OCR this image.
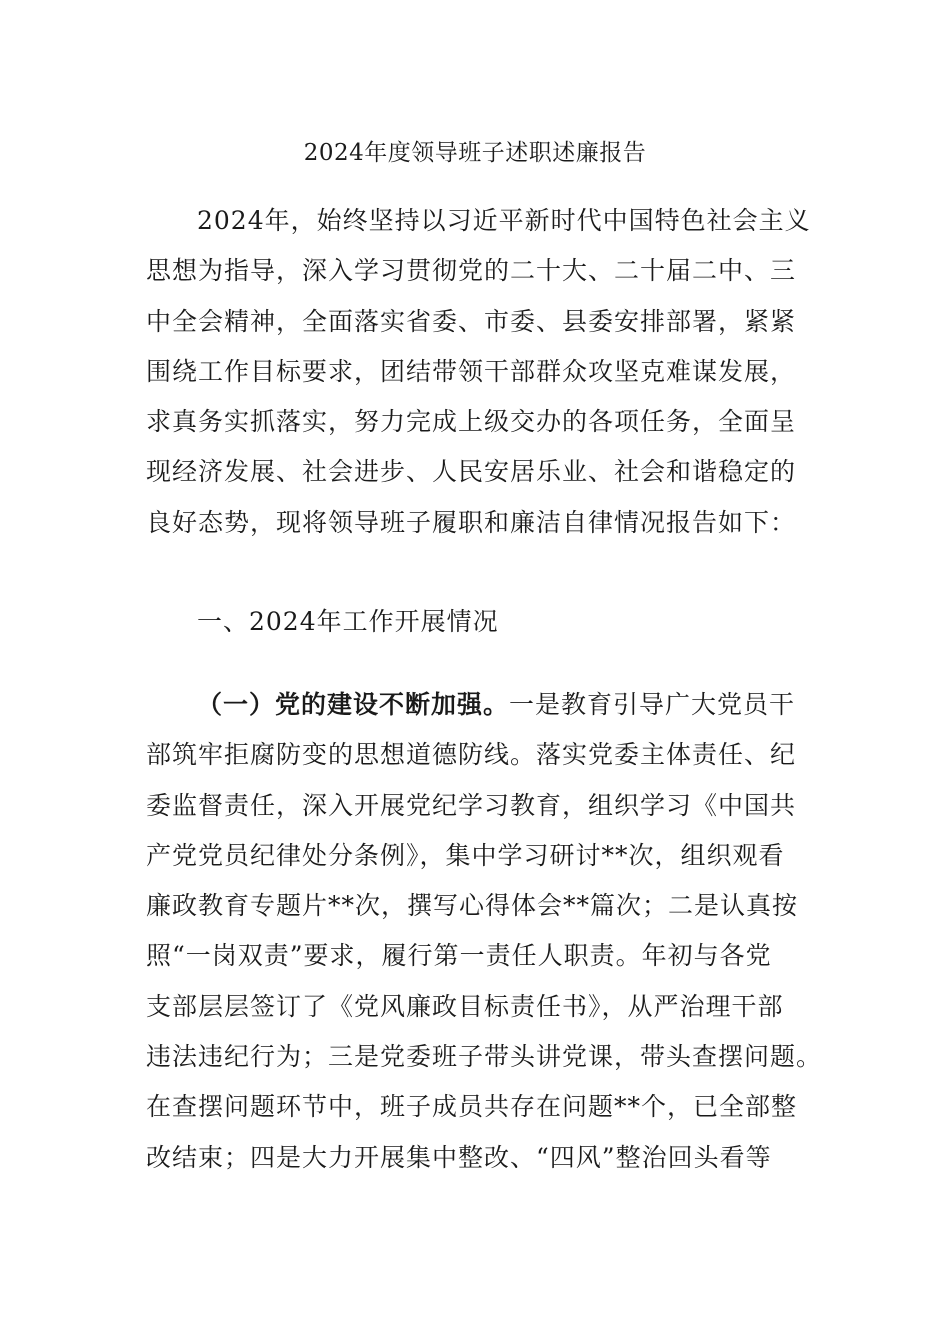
2024年度领导班子述职述廉报告
2024年，始终坚持以习近平新时代中国特色社会主义
思想为指导，深入学习贯彻党的二十大、二十届二中、三
中全会精神，全面落实省委、市委、县委安排部署，紧紧
围绕工作目标要求，团结带领干部群众攻坚克难谋发展，
求真务实抓落实，努力完成上级交办的各项任务，全面呈
现经济发展、社会进步、人民安居乐业、社会和谐稳定的
良好态势，现将领导班子履职和廉洁自律情况报告如下：
一、2024年工作开展情况
（一）党的建设不断加强。一是教育引导广大党员干
部筑牢拒腐防变的思想道德防线。落实党委主体责任、纪
委监督责任，深入开展党纪学习教育，组织学习《中国共
产党党员纪律处分条例》，集中学习研讨**次，组织观看
廉政教育专题片**次，撰写心得体会**篇次；二是认真按
照“一岗双责”要求，履行第一责任人职责。年初与各党
支部层层签订了《党风廉政目标责任书》，从严治理干部
违法违纪行为；三是党委班子带头讲党课，带头查摆问题。
在查摆问题环节中，班子成员共存在问题**个，已全部整
改结束；四是大力开展集中整改、“四风”整治回头看等
